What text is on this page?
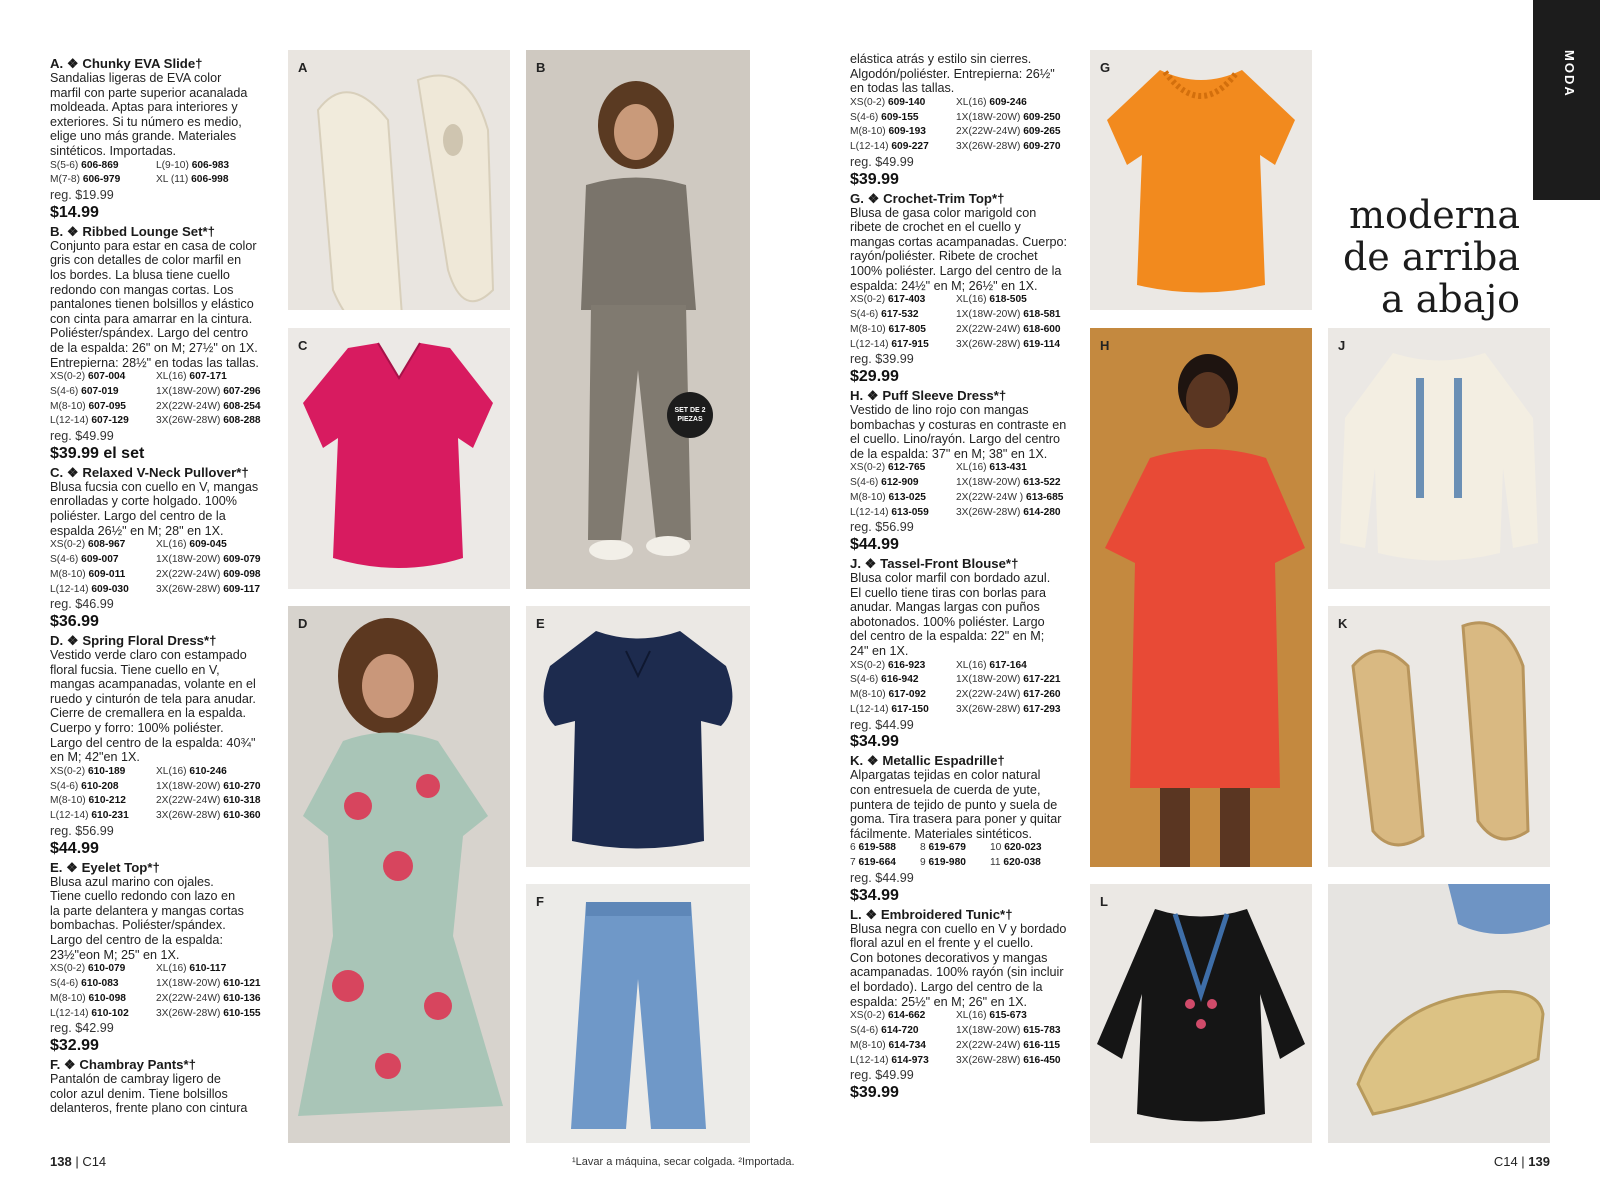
A. ❖ Chunky EVA Slide†
Sandalias ligeras de EVA color
marfil con parte superior acanalada
moldeada. Aptas para interiores y
exteriores. Si tu número es medio,
elige uno más grande. Materiales
sintéticos. Importadas.
S(5-6) 606-869	L(9-10) 606-983
M(7-8) 606-979	XL (11) 606-998
reg. $19.99
$14.99
B. ❖ Ribbed Lounge Set*†
Conjunto para estar en casa de color
gris con detalles de color marfil en
los bordes. La blusa tiene cuello
redondo con mangas cortas. Los
pantalones tienen bolsillos y elástico
con cinta para amarrar en la cintura.
Poliéster/spándex. Largo del centro
de la espalda: 26" on M; 27½" on 1X.
Entrepierna: 28½" en todas las tallas.
XS(0-2) 607-004	XL(16) 607-171
S(4-6) 607-019	1X(18W-20W) 607-296
M(8-10) 607-095	2X(22W-24W) 608-254
L(12-14) 607-129	3X(26W-28W) 608-288
reg. $49.99
$39.99 el set
C. ❖ Relaxed V-Neck Pullover*†
Blusa fucsia con cuello en V, mangas
enrolladas y corte holgado. 100%
poliéster. Largo del centro de la
espalda 26½" en M; 28" en 1X.
XS(0-2) 608-967	XL(16) 609-045
S(4-6) 609-007	1X(18W-20W) 609-079
M(8-10) 609-011	2X(22W-24W) 609-098
L(12-14) 609-030	3X(26W-28W) 609-117
reg. $46.99
$36.99
D. ❖ Spring Floral Dress*†
Vestido verde claro con estampado
floral fucsia. Tiene cuello en V,
mangas acampanadas, volante en el
ruedo y cinturón de tela para anudar.
Cierre de cremallera en la espalda.
Cuerpo y forro: 100% poliéster.
Largo del centro de la espalda: 40¾"
en M; 42"en 1X.
XS(0-2) 610-189	XL(16) 610-246
S(4-6) 610-208	1X(18W-20W) 610-270
M(8-10) 610-212	2X(22W-24W) 610-318
L(12-14) 610-231	3X(26W-28W) 610-360
reg. $56.99
$44.99
E. ❖ Eyelet Top*†
Blusa azul marino con ojales.
Tiene cuello redondo con lazo en
la parte delantera y mangas cortas
bombachas. Poliéster/spándex.
Largo del centro de la espalda:
23½"eon M; 25" en 1X.
XS(0-2) 610-079	XL(16) 610-117
S(4-6) 610-083	1X(18W-20W) 610-121
M(8-10) 610-098	2X(22W-24W) 610-136
L(12-14) 610-102	3X(26W-28W) 610-155
reg. $42.99
$32.99
F. ❖ Chambray Pants*†
Pantalón de cambray ligero de
color azul denim. Tiene bolsillos
delanteros, frente plano con cintura
A	B
SET DE 2 PIEZAS
C
D	E
F
elástica atrás y estilo sin cierres.
Algodón/poliéster. Entrepierna: 26½"
en todas las tallas.
XS(0-2) 609-140	XL(16) 609-246
S(4-6) 609-155	1X(18W-20W) 609-250
M(8-10) 609-193	2X(22W-24W) 609-265
L(12-14) 609-227	3X(26W-28W) 609-270
reg. $49.99
$39.99
G. ❖ Crochet-Trim Top*†
Blusa de gasa color marigold con
ribete de crochet en el cuello y
mangas cortas acampanadas. Cuerpo:
rayón/poliéster. Ribete de crochet
100% poliéster. Largo del centro de la
espalda: 24½" en M; 26½" en 1X.
XS(0-2) 617-403	XL(16) 618-505
S(4-6) 617-532	1X(18W-20W) 618-581
M(8-10) 617-805	2X(22W-24W) 618-600
L(12-14) 617-915	3X(26W-28W) 619-114
reg. $39.99
$29.99
H. ❖ Puff Sleeve Dress*†
Vestido de lino rojo con mangas
bombachas y costuras en contraste en
el cuello. Lino/rayón. Largo del centro
de la espalda: 37" en M; 38" en 1X.
XS(0-2) 612-765	XL(16) 613-431
S(4-6) 612-909	1X(18W-20W) 613-522
M(8-10) 613-025	2X(22W-24W ) 613-685
L(12-14) 613-059	3X(26W-28W) 614-280
reg. $56.99
$44.99
J. ❖ Tassel-Front Blouse*†
Blusa color marfil con bordado azul.
El cuello tiene tiras con borlas para
anudar. Mangas largas con puños
abotonados. 100% poliéster. Largo
del centro de la espalda: 22" en M;
24" en 1X.
XS(0-2) 616-923	XL(16) 617-164
S(4-6) 616-942	1X(18W-20W) 617-221
M(8-10) 617-092	2X(22W-24W) 617-260
L(12-14) 617-150	3X(26W-28W) 617-293
reg. $44.99
$34.99
K. ❖ Metallic Espadrille†
Alpargatas tejidas en color natural
con entresuela de cuerda de yute,
puntera de tejido de punto y suela de
goma. Tira trasera para poner y quitar
fácilmente. Materiales sintéticos.
6 619-588	8 619-679	10 620-023
7 619-664	9 619-980	11 620-038
reg. $44.99
$34.99
L. ❖ Embroidered Tunic*†
Blusa negra con cuello en V y bordado
floral azul en el frente y el cuello.
Con botones decorativos y mangas
acampanadas. 100% rayón (sin incluir
el bordado). Largo del centro de la
espalda: 25½" en M; 26" en 1X.
XS(0-2) 614-662	XL(16) 615-673
S(4-6) 614-720	1X(18W-20W) 615-783
M(8-10) 614-734	2X(22W-24W) 616-115
L(12-14) 614-973	3X(26W-28W) 616-450
reg. $49.99
$39.99
G
H	J
K
L
MODA
moderna
de arriba
a abajo
138 | C14	C14 | 139
¹Lavar a máquina, secar colgada. ²Importada.
